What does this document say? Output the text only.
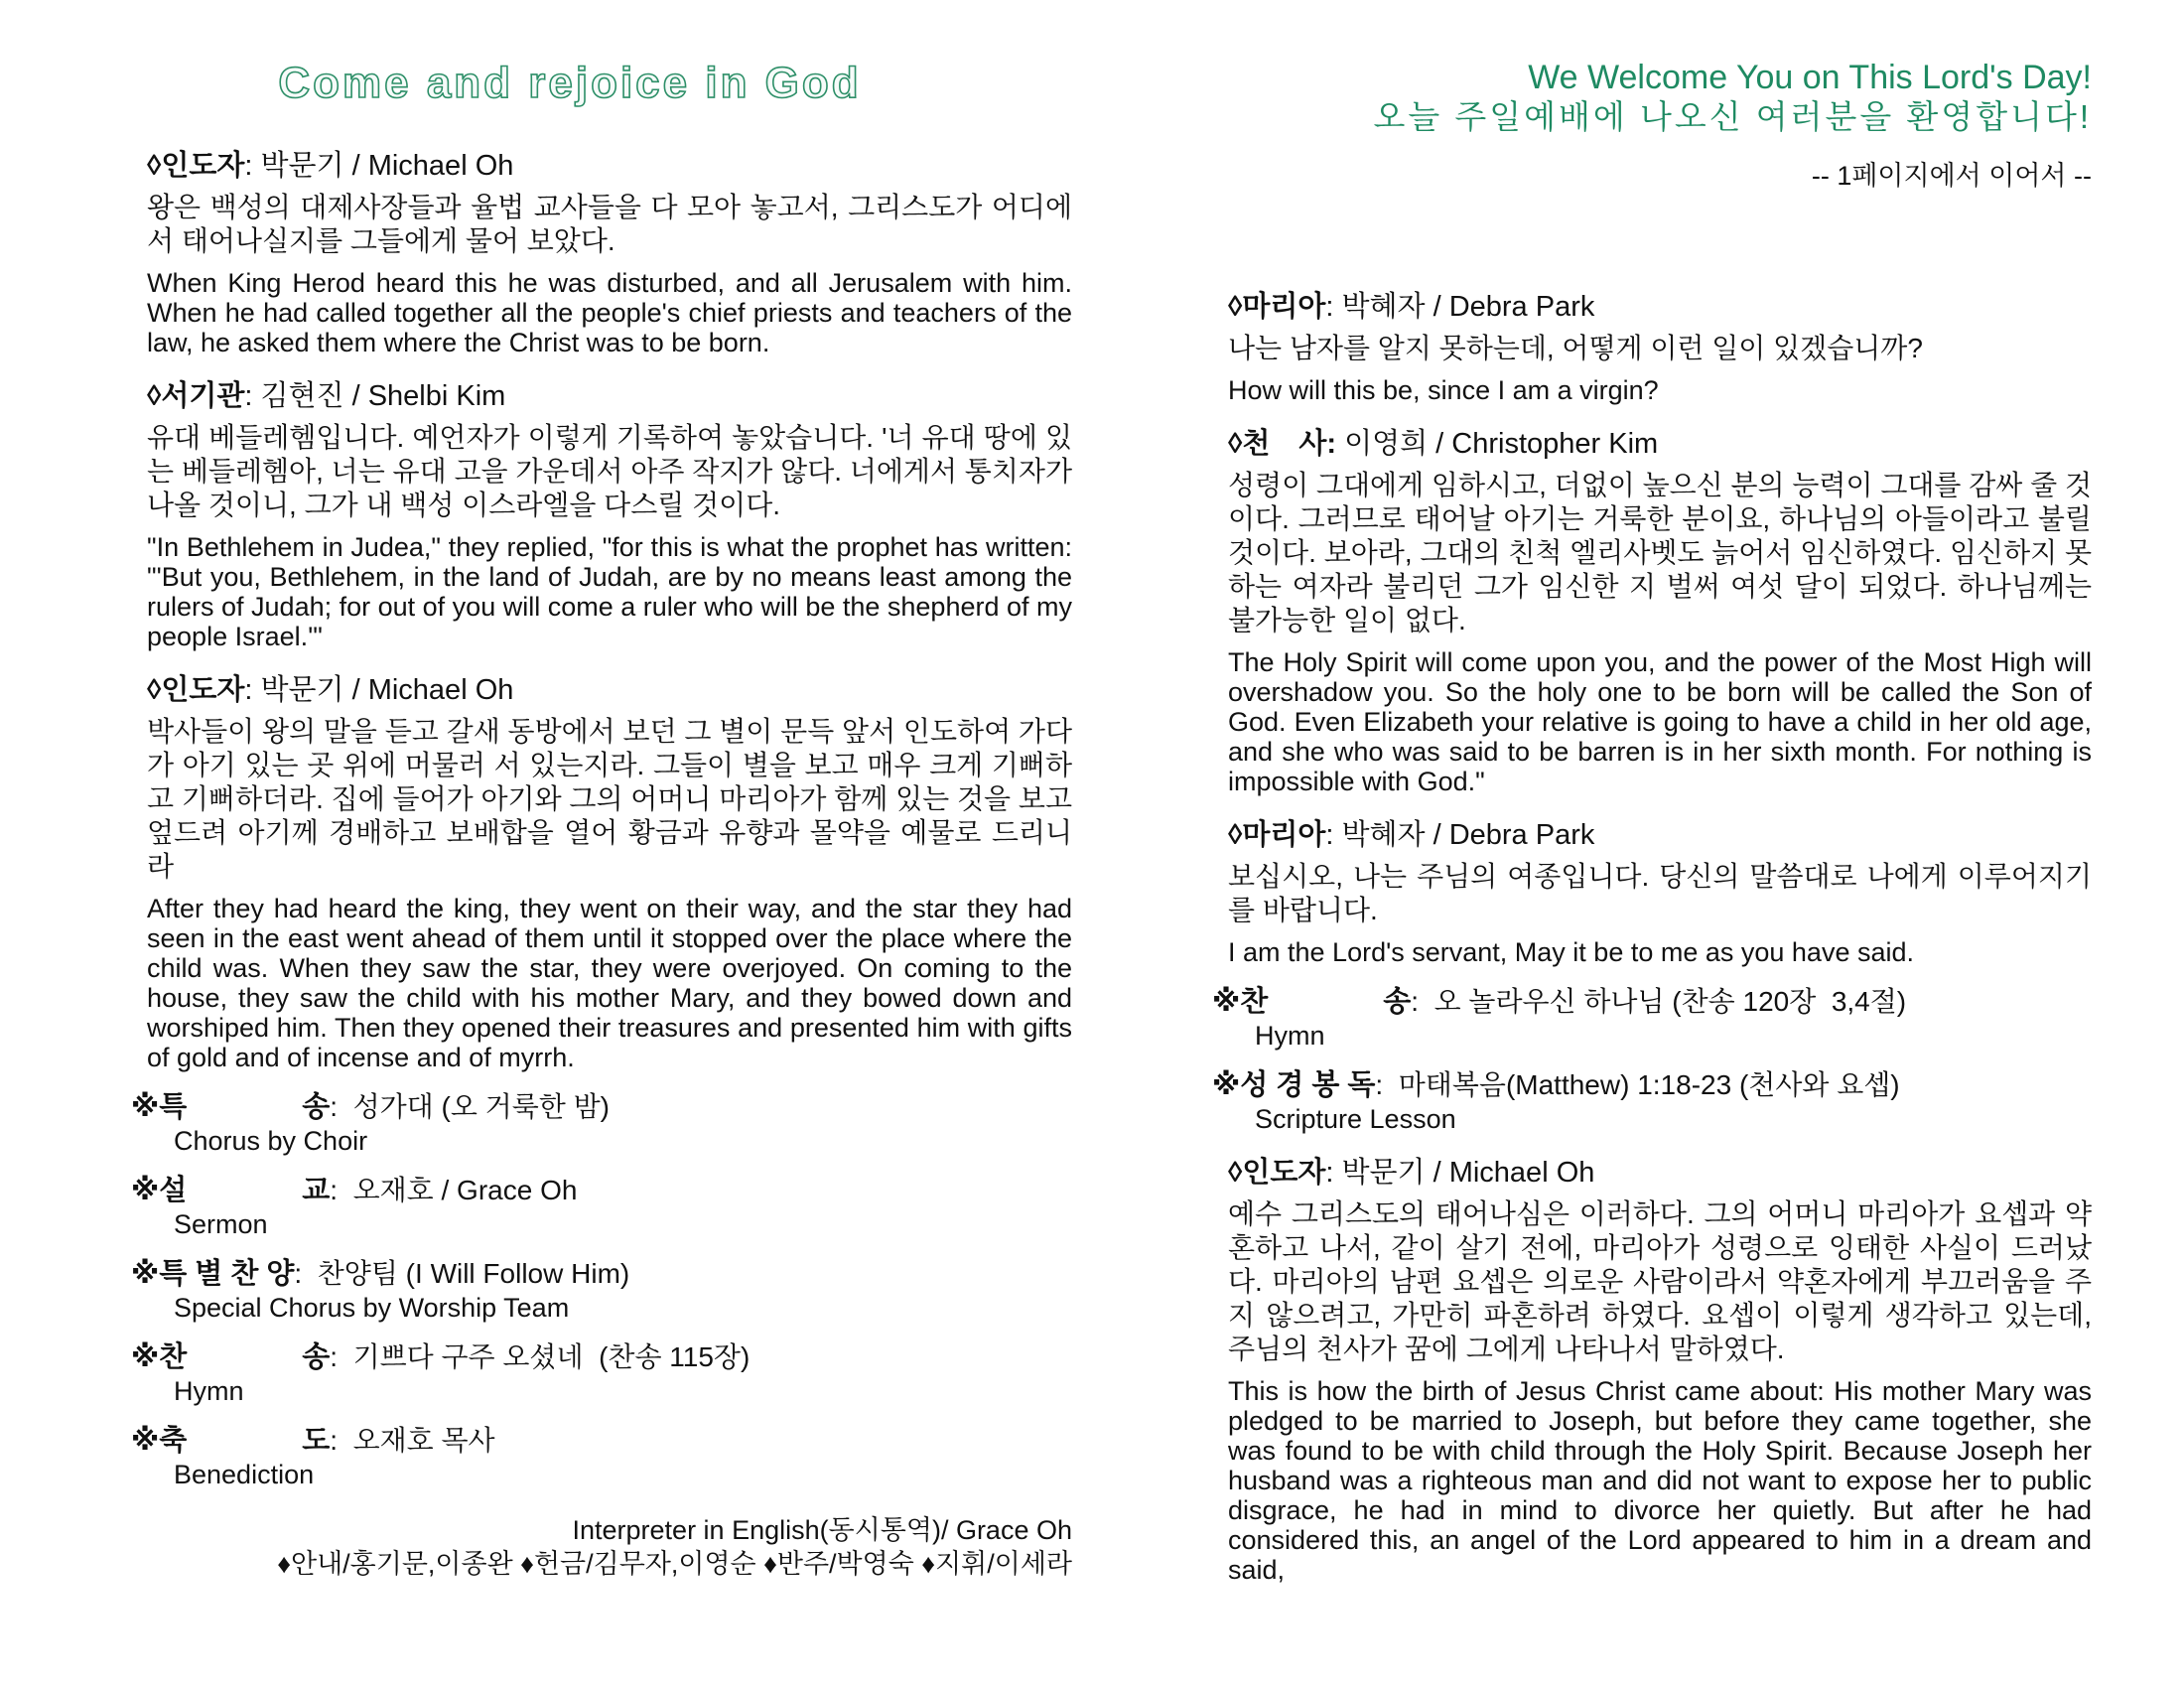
Come and rejoice in God
◊인도자: 박문기 / Michael Oh

왕은 백성의 대제사장들과 율법 교사들을 다 모아 놓고서, 그리스도가 어디에서 태어나실지를 그들에게 물어 보았다.

When King Herod heard this he was disturbed, and all Jerusalem with him. When he had called together all the people's chief priests and teachers of the law, he asked them where the Christ was to be born.

◊서기관: 김현진 / Shelbi Kim

유대 베들레헴입니다. 예언자가 이렇게 기록하여 놓았습니다. '너 유대 땅에 있는 베들레헴아, 너는 유대 고을 가운데서 아주 작지가 않다. 너에게서 통치자가 나올 것이니, 그가 내 백성 이스라엘을 다스릴 것이다.

"In Bethlehem in Judea," they replied, "for this is what the prophet has written: "'But you, Bethlehem, in the land of Judah, are by no means least among the rulers of Judah; for out of you will come a ruler who will be the shepherd of my people Israel.'"

◊인도자: 박문기 / Michael Oh

박사들이 왕의 말을 듣고 갈새 동방에서 보던 그 별이 문득 앞서 인도하여 가다가 아기 있는 곳 위에 머물러 서 있는지라. 그들이 별을 보고 매우 크게 기뻐하고 기뻐하더라. 집에 들어가 아기와 그의 어머니 마리아가 함께 있는 것을 보고 엎드려 아기께 경배하고 보배합을 열어 황금과 유향과 몰약을 예물로 드리니라

After they had heard the king, they went on their way, and the star they had seen in the east went ahead of them until it stopped over the place where the child was. When they saw the star, they were overjoyed. On coming to the house, they saw the child with his mother Mary, and they bowed down and worshiped him. Then they opened their treasures and presented him with gifts of gold and of incense and of myrrh.

※특　　　　송:  성가대 (오 거룩한 밤)
Chorus by Choir
※설　　　　교:  오재호 / Grace Oh
Sermon
※특 별 찬 양:  찬양팀 (I Will Follow Him)
Special Chorus by Worship Team
※찬　　　　송:  기쁘다 구주 오셨네  (찬송 115장)
Hymn
※축　　　　도:  오재호 목사
Benediction
Interpreter in English(동시통역)/ Grace Oh
♦안내/홍기문,이종완 ♦헌금/김무자,이영순 ♦반주/박영숙 ♦지휘/이세라
We Welcome You on This Lord's Day!
오늘 주일예배에 나오신 여러분을 환영합니다!
-- 1페이지에서 이어서 --
◊마리아: 박혜자 / Debra Park

나는 남자를 알지 못하는데, 어떻게 이런 일이 있겠습니까?

How will this be, since I am a virgin?

◊천　사: 이영희 / Christopher Kim

성령이 그대에게 임하시고, 더없이 높으신 분의 능력이 그대를 감싸 줄 것이다. 그러므로 태어날 아기는 거룩한 분이요, 하나님의 아들이라고 불릴 것이다. 보아라, 그대의 친척 엘리사벳도 늙어서 임신하였다. 임신하지 못하는 여자라 불리던 그가 임신한 지 벌써 여섯 달이 되었다. 하나님께는 불가능한 일이 없다.

The Holy Spirit will come upon you, and the power of the Most High will overshadow you. So the holy one to be born will be called the Son of God. Even Elizabeth your relative is going to have a child in her old age, and she who was said to be barren is in her sixth month. For nothing is impossible with God."

◊마리아: 박혜자 / Debra Park

보십시오, 나는 주님의 여종입니다. 당신의 말씀대로 나에게 이루어지기를 바랍니다.

I am the Lord's servant, May it be to me as you have said.

※찬　　　　송:  오 놀라우신 하나님 (찬송 120장  3,4절)
Hymn
※성 경 봉 독:  마태복음(Matthew) 1:18-23 (천사와 요셉)
Scripture Lesson
◊인도자: 박문기 / Michael Oh

예수 그리스도의 태어나심은 이러하다. 그의 어머니 마리아가 요셉과 약혼하고 나서, 같이 살기 전에, 마리아가 성령으로 잉태한 사실이 드러났다. 마리아의 남편 요셉은 의로운 사람이라서 약혼자에게 부끄러움을 주지 않으려고, 가만히 파혼하려 하였다. 요셉이 이렇게 생각하고 있는데, 주님의 천사가 꿈에 그에게 나타나서 말하였다.

This is how the birth of Jesus Christ came about: His mother Mary was pledged to be married to Joseph, but before they came together, she was found to be with child through the Holy Spirit. Because Joseph her husband was a righteous man and did not want to expose her to public disgrace, he had in mind to divorce her quietly. But after he had considered this, an angel of the Lord appeared to him in a dream and said,
